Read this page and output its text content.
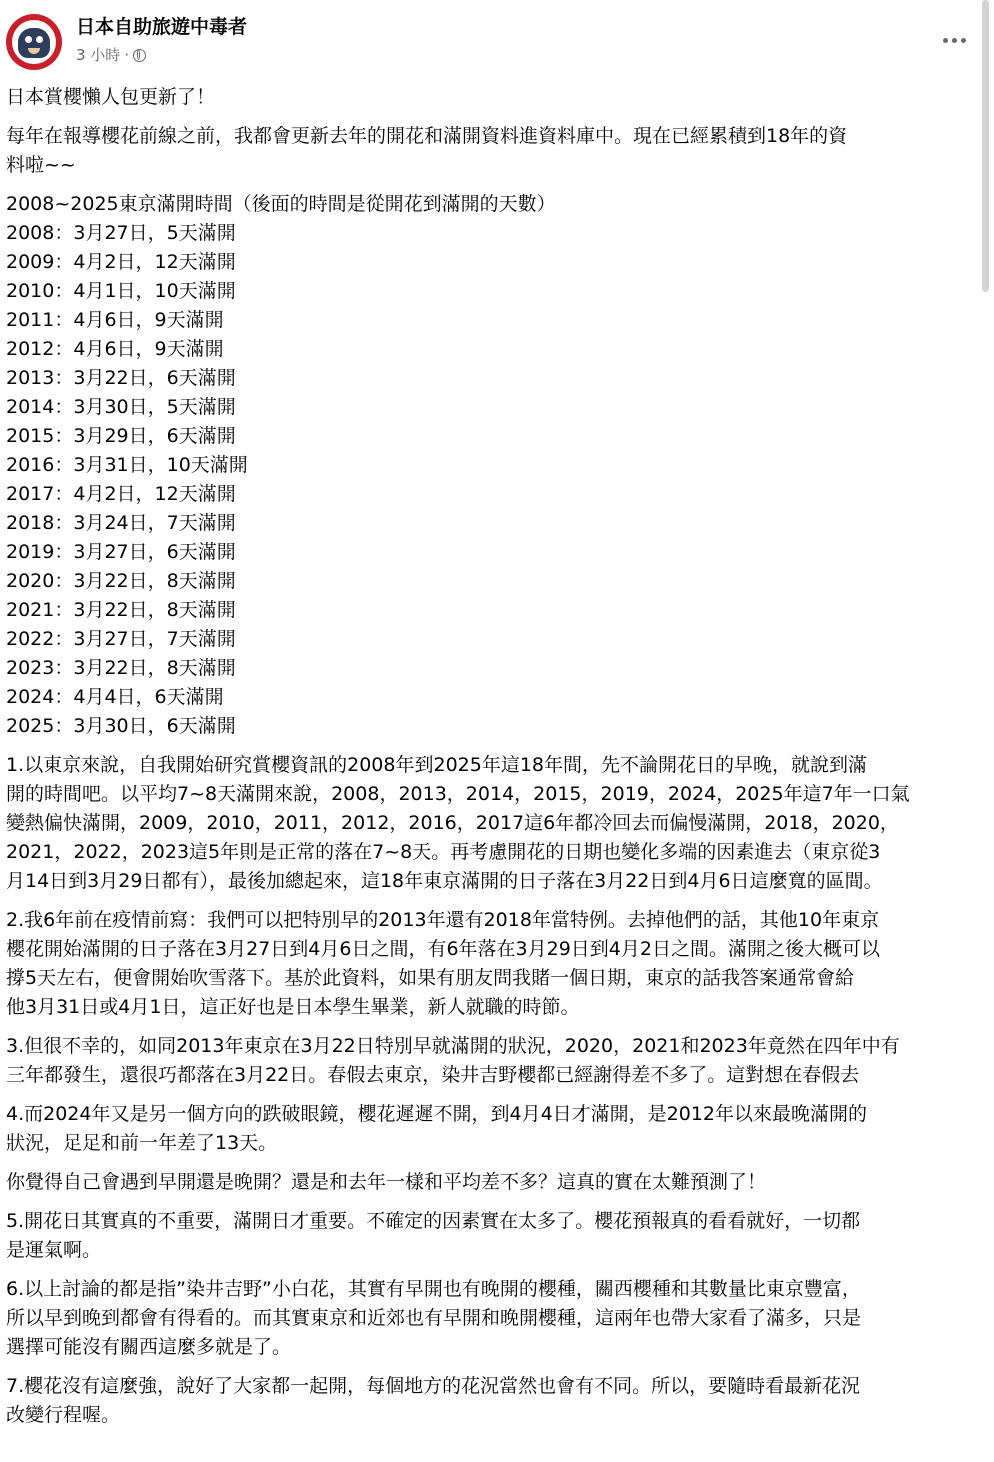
日本自助旅遊中毒者
3 小時 ·
日本賞櫻懶人包更新了！
每年在報導櫻花前線之前，我都會更新去年的開花和滿開資料進資料庫中。現在已經累積到18年的資
料啦~~
2008~2025東京滿開時間（後面的時間是從開花到滿開的天數）
2008：3月27日，5天滿開
2009：4月2日，12天滿開
2010：4月1日，10天滿開
2011：4月6日，9天滿開
2012：4月6日，9天滿開
2013：3月22日，6天滿開
2014：3月30日，5天滿開
2015：3月29日，6天滿開
2016：3月31日，10天滿開
2017：4月2日，12天滿開
2018：3月24日，7天滿開
2019：3月27日，6天滿開
2020：3月22日，8天滿開
2021：3月22日，8天滿開
2022：3月27日，7天滿開
2023：3月22日，8天滿開
2024：4月4日，6天滿開
2025：3月30日，6天滿開
1.以東京來說，自我開始研究賞櫻資訊的2008年到2025年這18年間，先不論開花日的早晚，就說到滿
開的時間吧。以平均7~8天滿開來說，2008，2013，2014，2015，2019，2024，2025年這7年一口氣
變熱偏快滿開，2009，2010，2011，2012，2016，2017這6年都冷回去而偏慢滿開，2018，2020，
2021，2022，2023這5年則是正常的落在7~8天。再考慮開花的日期也變化多端的因素進去（東京從3
月14日到3月29日都有），最後加總起來，這18年東京滿開的日子落在3月22日到4月6日這麼寬的區間。
2.我6年前在疫情前寫：我們可以把特別早的2013年還有2018年當特例。去掉他們的話，其他10年東京
櫻花開始滿開的日子落在3月27日到4月6日之間，有6年落在3月29日到4月2日之間。滿開之後大概可以
撐5天左右，便會開始吹雪落下。基於此資料，如果有朋友問我賭一個日期，東京的話我答案通常會給
他3月31日或4月1日，這正好也是日本學生畢業，新人就職的時節。
3.但很不幸的，如同2013年東京在3月22日特別早就滿開的狀況，2020，2021和2023年竟然在四年中有
三年都發生，還很巧都落在3月22日。春假去東京，染井吉野櫻都已經謝得差不多了。這對想在春假去
4.而2024年又是另一個方向的跌破眼鏡，櫻花遲遲不開，到4月4日才滿開，是2012年以來最晚滿開的
狀況，足足和前一年差了13天。
你覺得自己會遇到早開還是晚開？還是和去年一樣和平均差不多？這真的實在太難預測了！
5.開花日其實真的不重要，滿開日才重要。不確定的因素實在太多了。櫻花預報真的看看就好，一切都
是運氣啊。
6.以上討論的都是指”染井吉野”小白花，其實有早開也有晚開的櫻種，關西櫻種和其數量比東京豐富，
所以早到晚到都會有得看的。而其實東京和近郊也有早開和晚開櫻種，這兩年也帶大家看了滿多，只是
選擇可能沒有關西這麼多就是了。
7.櫻花沒有這麼強，說好了大家都一起開，每個地方的花況當然也會有不同。所以，要隨時看最新花況
改變行程喔。
